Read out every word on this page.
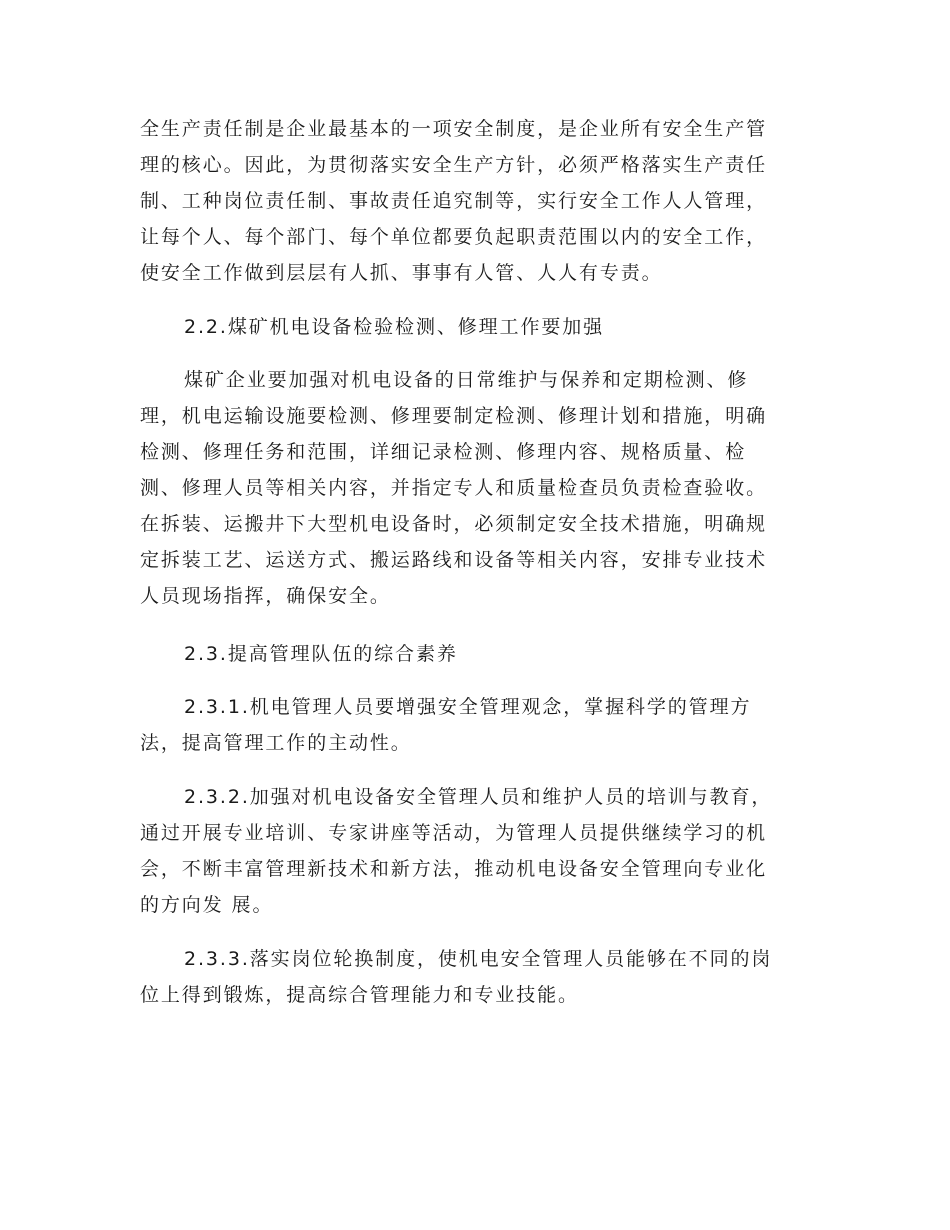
全生产责任制是企业最基本的一项安全制度，是企业所有安全生产管
理的核心。因此，为贯彻落实安全生产方针，必须严格落实生产责任
制、工种岗位责任制、事故责任追究制等，实行安全工作人人管理，
让每个人、每个部门、每个单位都要负起职责范围以内的安全工作，
使安全工作做到层层有人抓、事事有人管、人人有专责。
2.2.煤矿机电设备检验检测、修理工作要加强
煤矿企业要加强对机电设备的日常维护与保养和定期检测、修
理，机电运输设施要检测、修理要制定检测、修理计划和措施，明确
检测、修理任务和范围，详细记录检测、修理内容、规格质量、检
测、修理人员等相关内容，并指定专人和质量检查员负责检查验收。
在拆装、运搬井下大型机电设备时，必须制定安全技术措施，明确规
定拆装工艺、运送方式、搬运路线和设备等相关内容，安排专业技术
人员现场指挥，确保安全。
2.3.提高管理队伍的综合素养
2.3.1.机电管理人员要增强安全管理观念，掌握科学的管理方
法，提高管理工作的主动性。
2.3.2.加强对机电设备安全管理人员和维护人员的培训与教育，
通过开展专业培训、专家讲座等活动，为管理人员提供继续学习的机
会，不断丰富管理新技术和新方法，推动机电设备安全管理向专业化
的方向发 展。
2.3.3.落实岗位轮换制度，使机电安全管理人员能够在不同的岗
位上得到锻炼，提高综合管理能力和专业技能。
